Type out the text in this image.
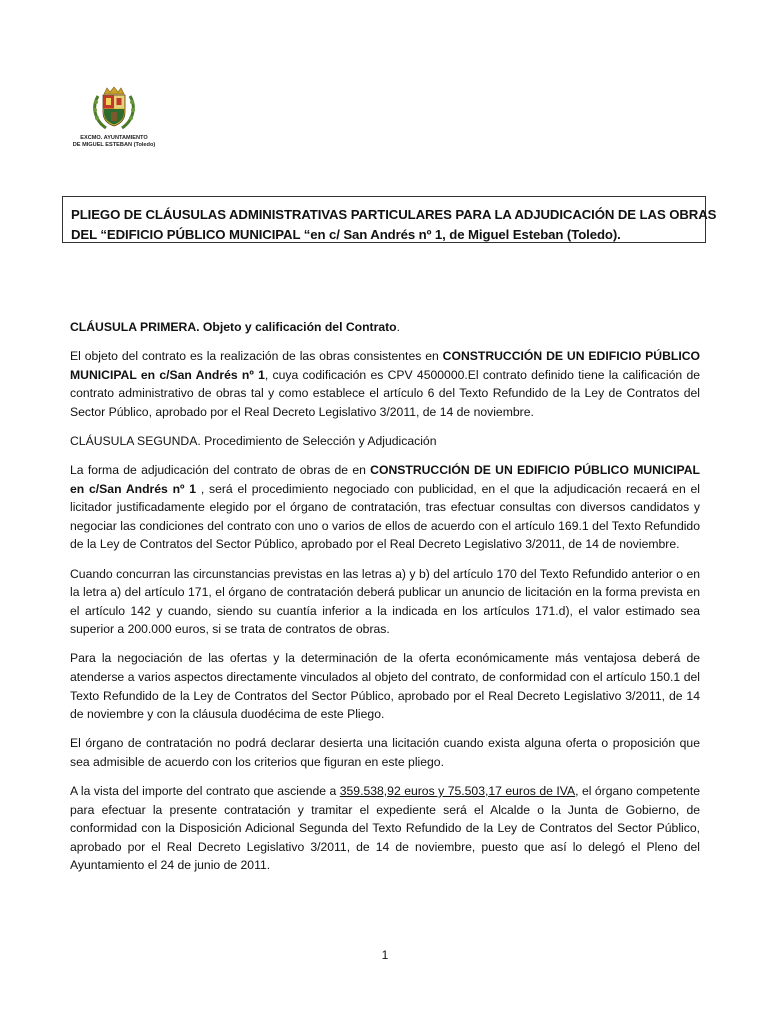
EXCMO. AYUNTAMIENTO
DE MIGUEL ESTEBAN (Toledo)
PLIEGO DE CLÁUSULAS ADMINISTRATIVAS PARTICULARES PARA LA ADJUDICACIÓN DE LAS OBRAS
DEL “EDIFICIO PÚBLICO MUNICIPAL “en c/ San Andrés nº 1, de Miguel Esteban (Toledo).
CLÁUSULA PRIMERA. Objeto y calificación del Contrato.

El objeto del contrato es la realización de las obras consistentes en CONSTRUCCIÓN DE UN EDIFICIO PÚBLICO MUNICIPAL en c/San Andrés nº 1, cuya codificación es CPV 4500000.El contrato definido tiene la calificación de contrato administrativo de obras tal y como establece el artículo 6 del Texto Refundido de la Ley de Contratos del Sector Público, aprobado por el Real Decreto Legislativo 3/2011, de 14 de noviembre.

CLÁUSULA SEGUNDA. Procedimiento de Selección y Adjudicación

La forma de adjudicación del contrato de obras de en CONSTRUCCIÓN DE UN EDIFICIO PÚBLICO MUNICIPAL en c/San Andrés nº 1 , será el procedimiento negociado con publicidad, en el que la adjudicación recaerá en el licitador justificadamente elegido por el órgano de contratación, tras efectuar consultas con diversos candidatos y negociar las condiciones del contrato con uno o varios de ellos de acuerdo con el artículo 169.1 del Texto Refundido de la Ley de Contratos del Sector Público, aprobado por el Real Decreto Legislativo 3/2011, de 14 de noviembre.

Cuando concurran las circunstancias previstas en las letras a) y b) del artículo 170 del Texto Refundido anterior o en la letra a) del artículo 171, el órgano de contratación deberá publicar un anuncio de licitación en la forma prevista en el artículo 142 y cuando, siendo su cuantía inferior a la indicada en los artículos 171.d), el valor estimado sea superior a 200.000 euros, si se trata de contratos de obras.

Para la negociación de las ofertas y la determinación de la oferta económicamente más ventajosa deberá de atenderse a varios aspectos directamente vinculados al objeto del contrato, de conformidad con el artículo 150.1 del Texto Refundido de la Ley de Contratos del Sector Público, aprobado por el Real Decreto Legislativo 3/2011, de 14 de noviembre y con la cláusula duodécima de este Pliego.

El órgano de contratación no podrá declarar desierta una licitación cuando exista alguna oferta o proposición que sea admisible de acuerdo con los criterios que figuran en este pliego.

A la vista del importe del contrato que asciende a 359.538,92 euros y 75.503,17 euros de IVA, el órgano competente para efectuar la presente contratación y tramitar el expediente será el Alcalde o la Junta de Gobierno, de conformidad con la Disposición Adicional Segunda del Texto Refundido de la Ley de Contratos del Sector Público, aprobado por el Real Decreto Legislativo 3/2011, de 14 de noviembre, puesto que así lo delegó el Pleno del Ayuntamiento el 24 de junio de 2011.

1
